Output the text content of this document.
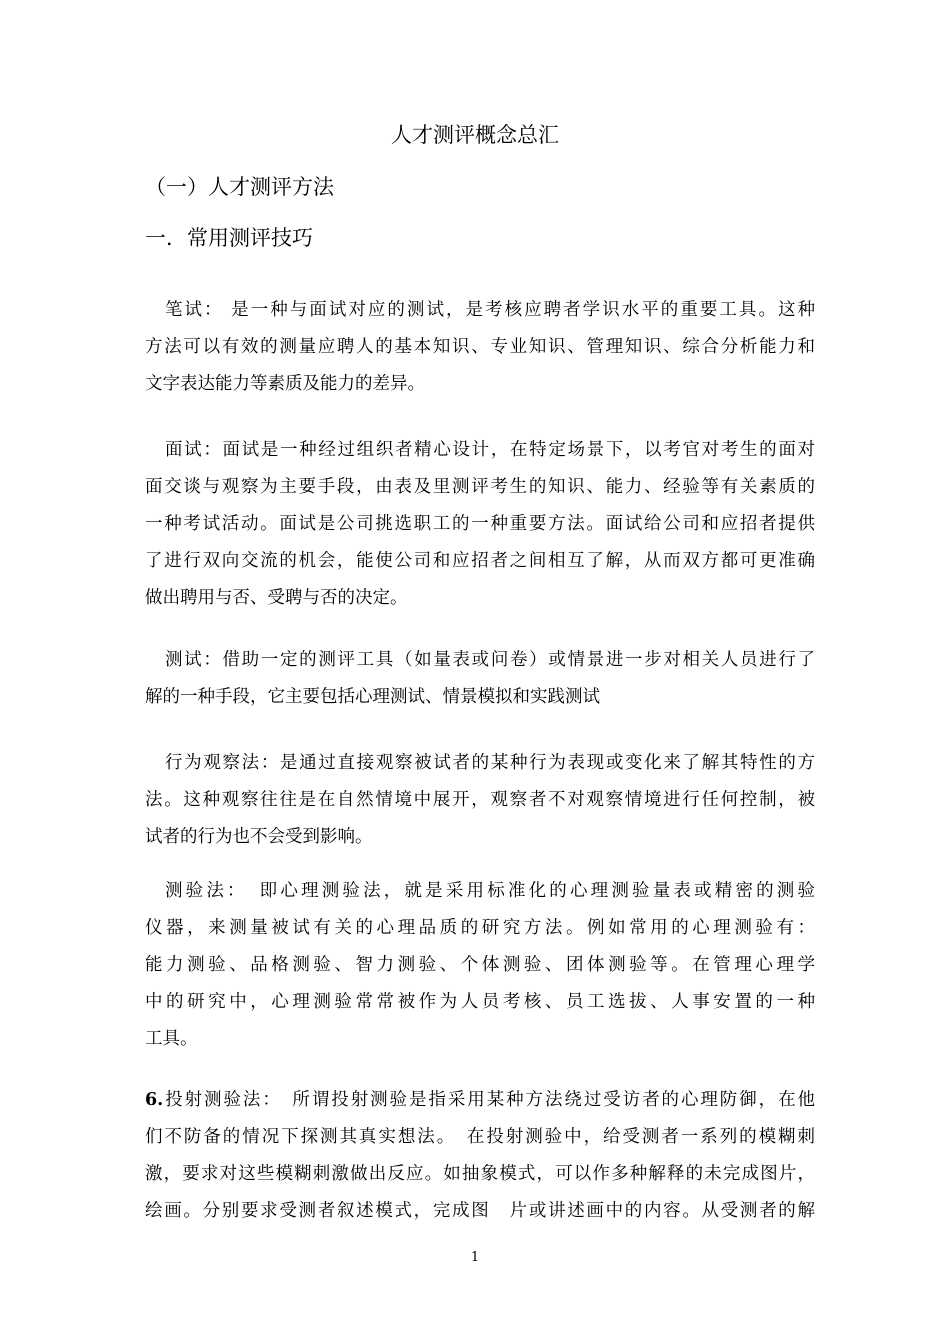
人才测评概念总汇
（一）人才测评方法
一．常用测评技巧
笔试： 是一种与面试对应的测试，是考核应聘者学识水平的重要工具。这种
方法可以有效的测量应聘人的基本知识、专业知识、管理知识、综合分析能力和
文字表达能力等素质及能力的差异。
面试：面试是一种经过组织者精心设计，在特定场景下，以考官对考生的面对
面交谈与观察为主要手段，由表及里测评考生的知识、能力、经验等有关素质的
一种考试活动。面试是公司挑选职工的一种重要方法。面试给公司和应招者提供
了进行双向交流的机会，能使公司和应招者之间相互了解，从而双方都可更准确
做出聘用与否、受聘与否的决定。
测试：借助一定的测评工具（如量表或问卷）或情景进一步对相关人员进行了
解的一种手段，它主要包括心理测试、情景模拟和实践测试
行为观察法：是通过直接观察被试者的某种行为表现或变化来了解其特性的方
法。这种观察往往是在自然情境中展开，观察者不对观察情境进行任何控制，被
试者的行为也不会受到影响。
测验法：　即心理测验法，就是采用标准化的心理测验量表或精密的测验
仪器，来测量被试有关的心理品质的研究方法。例如常用的心理测验有：
能力测验、品格测验、智力测验、个体测验、团体测验等。在管理心理学
中的研究中，心理测验常常被作为人员考核、员工选拔、人事安置的一种
工具。
6.投射测验法：　所谓投射测验是指采用某种方法绕过受访者的心理防御，在他
们不防备的情况下探测其真实想法。　在投射测验中，给受测者一系列的模糊刺
激，要求对这些模糊刺激做出反应。如抽象模式，可以作多种解释的未完成图片，
绘画。分别要求受测者叙述模式，完成图　片或讲述画中的内容。从受测者的解
1
